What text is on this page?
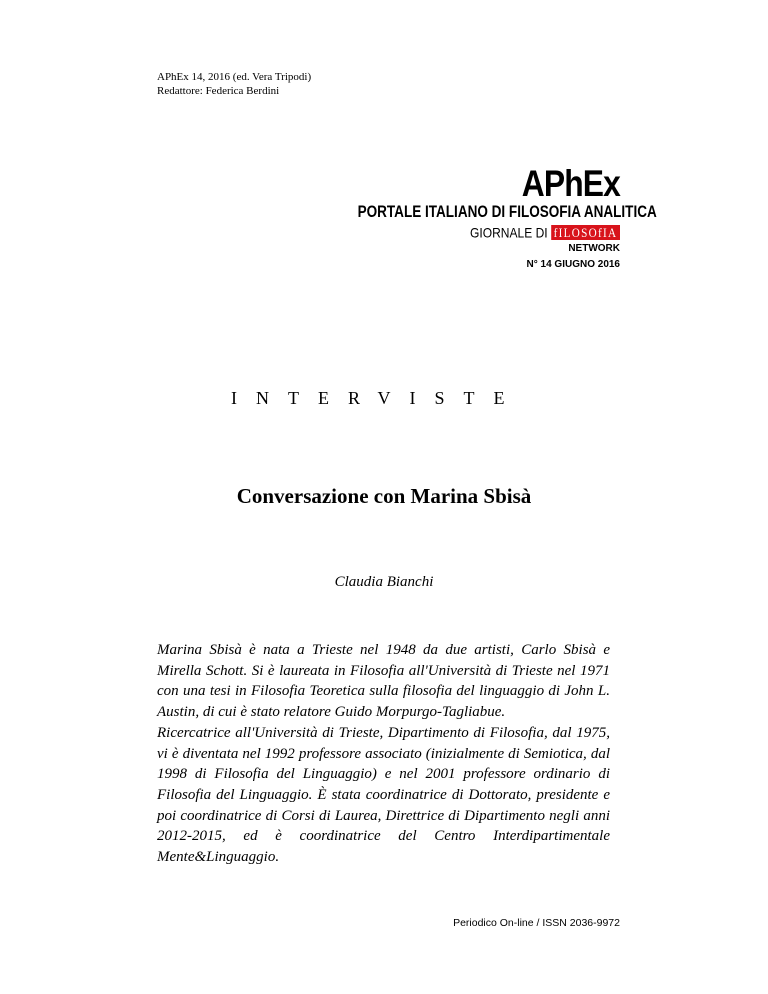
APhEx 14, 2016 (ed. Vera Tripodi)
Redattore: Federica Berdini
APhEx
PORTALE ITALIANO DI FILOSOFIA ANALITICA
GIORNALE DI fILOSOfIA
NETWORK
N° 14 GIUGNO 2016
INTERVISTE
Conversazione con Marina Sbisà
Claudia Bianchi

Marina Sbisà è nata a Trieste nel 1948 da due artisti, Carlo Sbisà e Mirella Schott. Si è laureata in Filosofia all'Università di Trieste nel 1971 con una tesi in Filosofia Teoretica sulla filosofia del linguaggio di John L. Austin, di cui è stato relatore Guido Morpurgo-Tagliabue.

Ricercatrice all'Università di Trieste, Dipartimento di Filosofia, dal 1975, vi è diventata nel 1992 professore associato (inizialmente di Semiotica, dal 1998 di Filosofia del Linguaggio) e nel 2001 professore ordinario di Filosofia del Linguaggio. È stata coordinatrice di Dottorato, presidente e poi coordinatrice di Corsi di Laurea, Direttrice di Dipartimento negli anni 2012-2015, ed è coordinatrice del Centro Interdipartimentale Mente&Linguaggio.

Periodico On-line / ISSN 2036-9972
